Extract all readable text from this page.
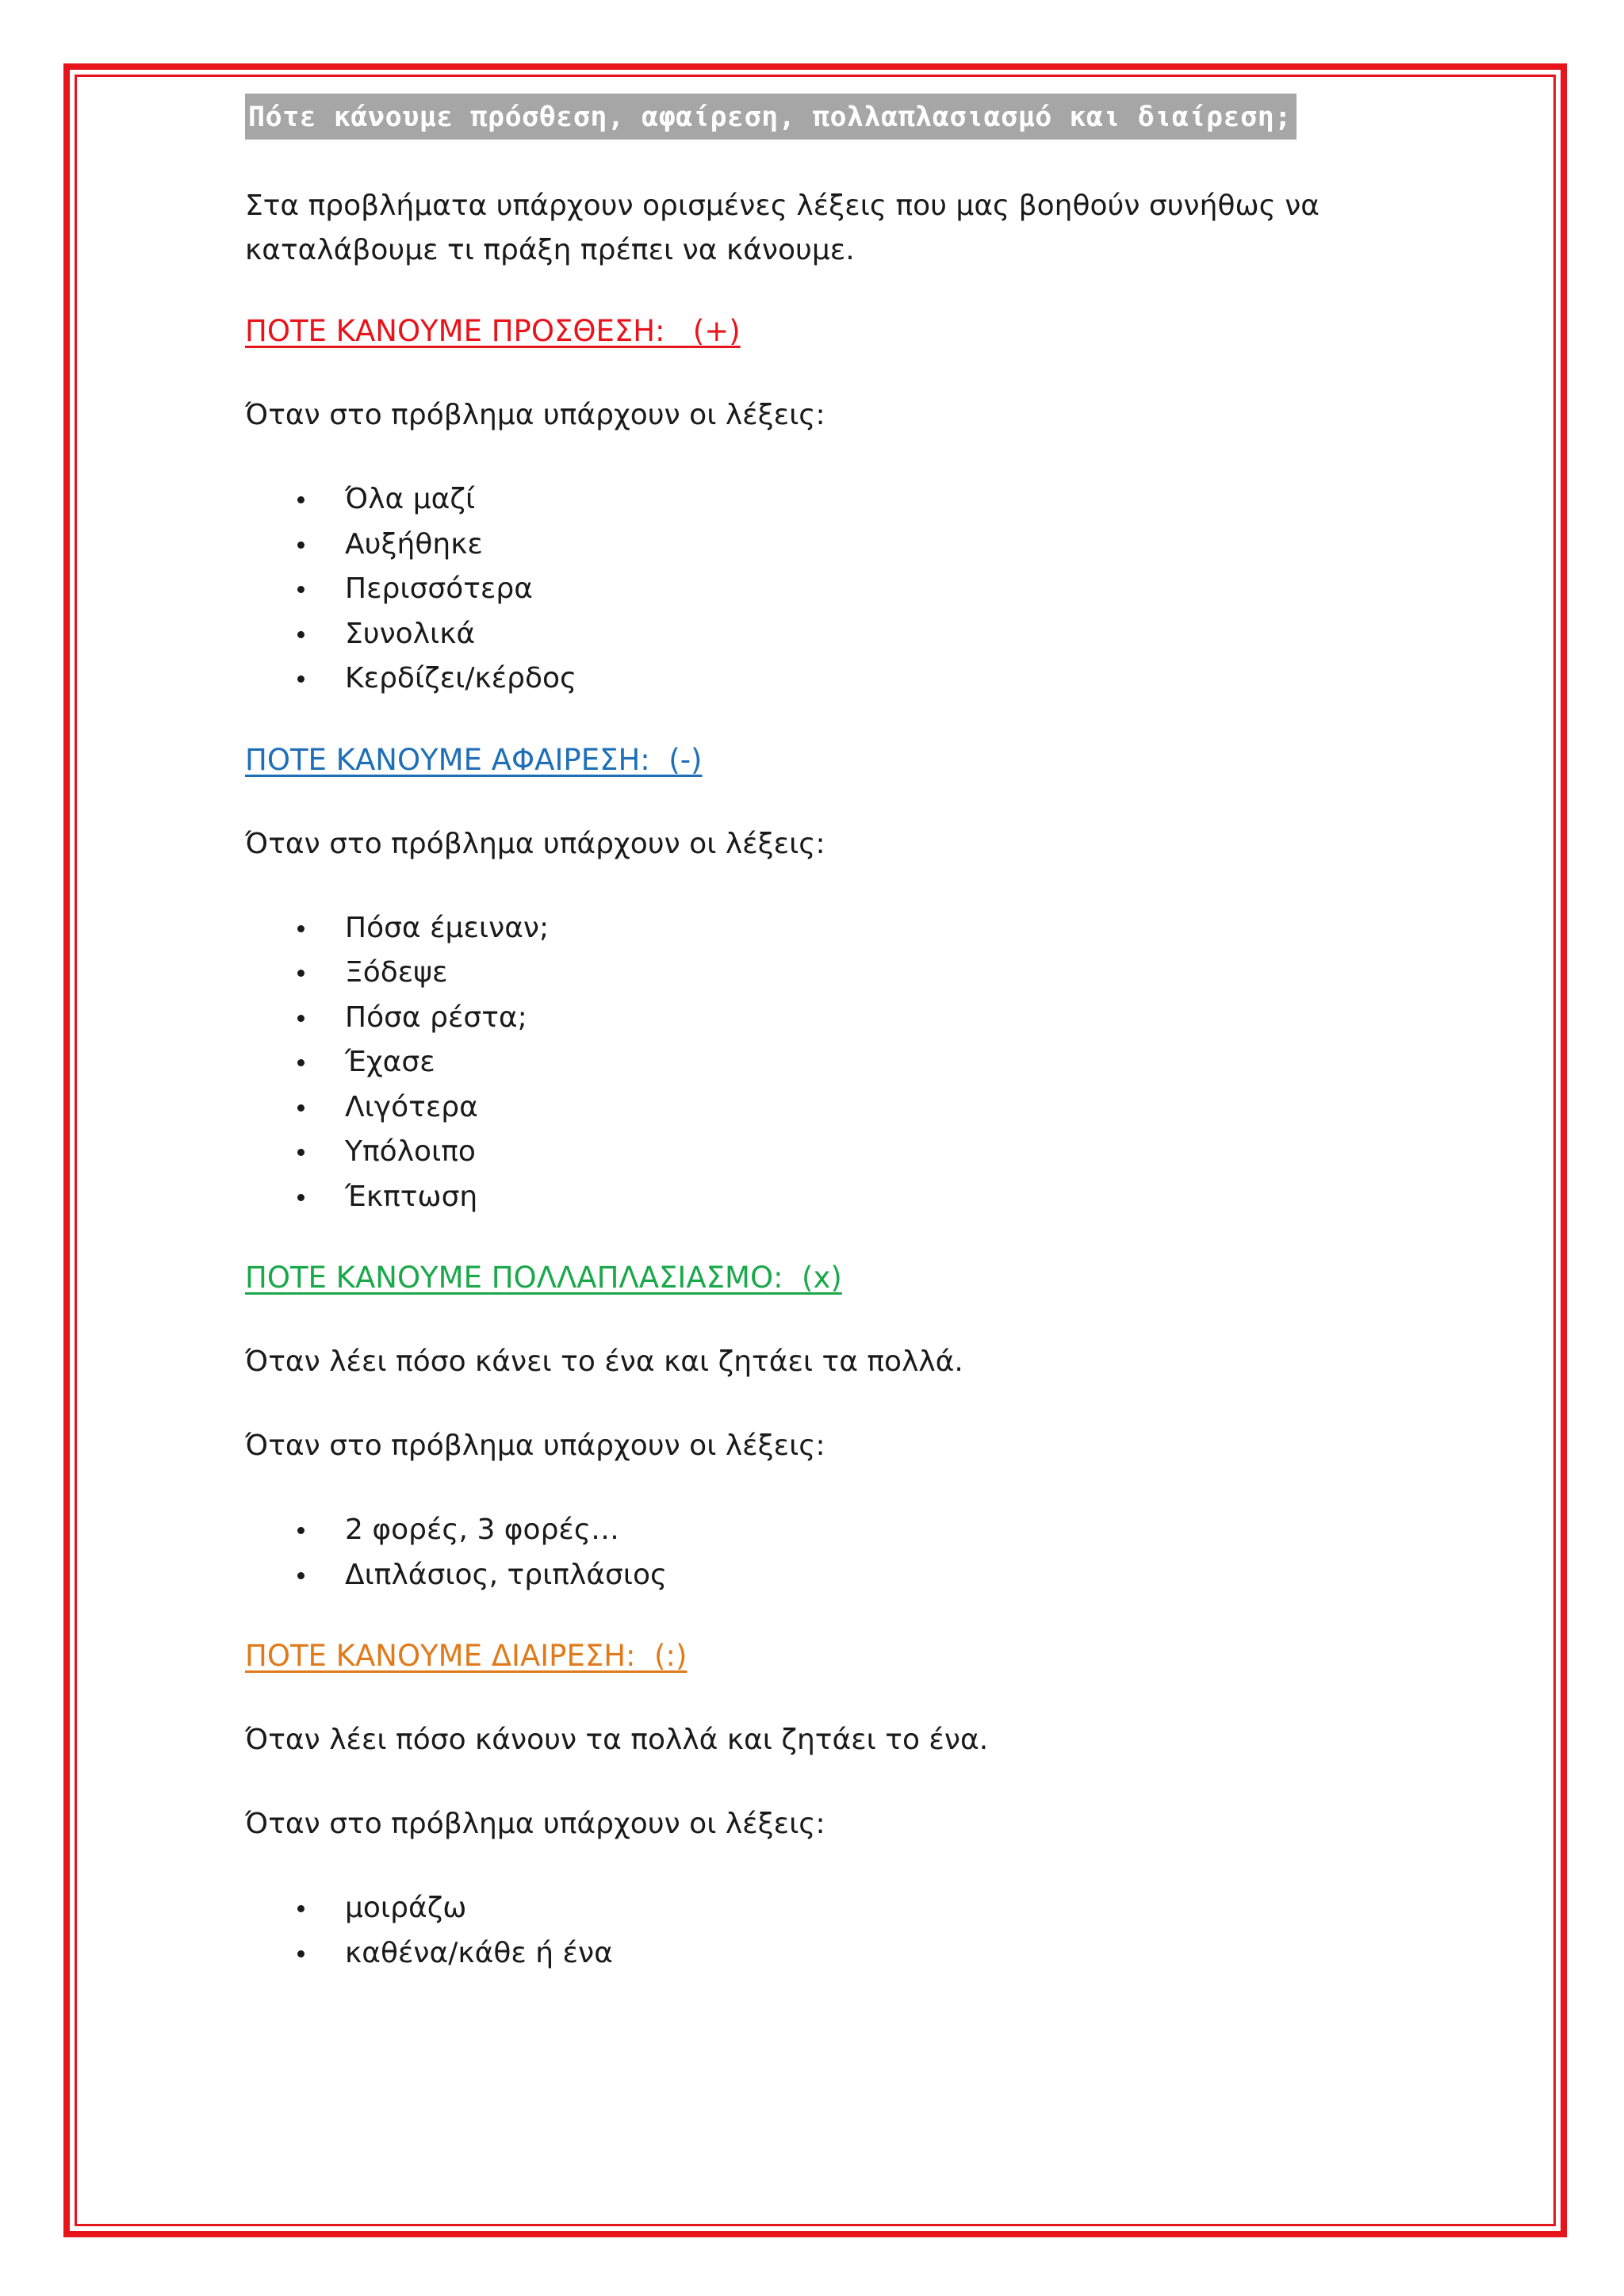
Πότε κάνουμε πρόσθεση, αφαίρεση, πολλαπλασιασμό και διαίρεση;

Στα προβλήματα υπάρχουν ορισμένες λέξεις που μας βοηθούν συνήθως να

καταλάβουμε τι πράξη πρέπει να κάνουμε.

ΠΟΤΕ ΚΑΝΟΥΜΕ ΠΡΟΣΘΕΣΗ:   (+)

Όταν στο πρόβλημα υπάρχουν οι λέξεις:

Όλα μαζί
Αυξήθηκε
Περισσότερα
Συνολικά
Κερδίζει/κέρδος
ΠΟΤΕ ΚΑΝΟΥΜΕ ΑΦΑΙΡΕΣΗ:  (-)

Όταν στο πρόβλημα υπάρχουν οι λέξεις:

Πόσα έμειναν;
Ξόδεψε
Πόσα ρέστα;
Έχασε
Λιγότερα
Υπόλοιπο
Έκπτωση
ΠΟΤΕ ΚΑΝΟΥΜΕ ΠΟΛΛΑΠΛΑΣΙΑΣΜΟ:  (x)

Όταν λέει πόσο κάνει το ένα και ζητάει τα πολλά.

Όταν στο πρόβλημα υπάρχουν οι λέξεις:

2 φορές, 3 φορές…
Διπλάσιος, τριπλάσιος
ΠΟΤΕ ΚΑΝΟΥΜΕ ΔΙΑΙΡΕΣΗ:  (:)

Όταν λέει πόσο κάνουν τα πολλά και ζητάει το ένα.

Όταν στο πρόβλημα υπάρχουν οι λέξεις:

μοιράζω
καθένα/κάθε ή ένα
